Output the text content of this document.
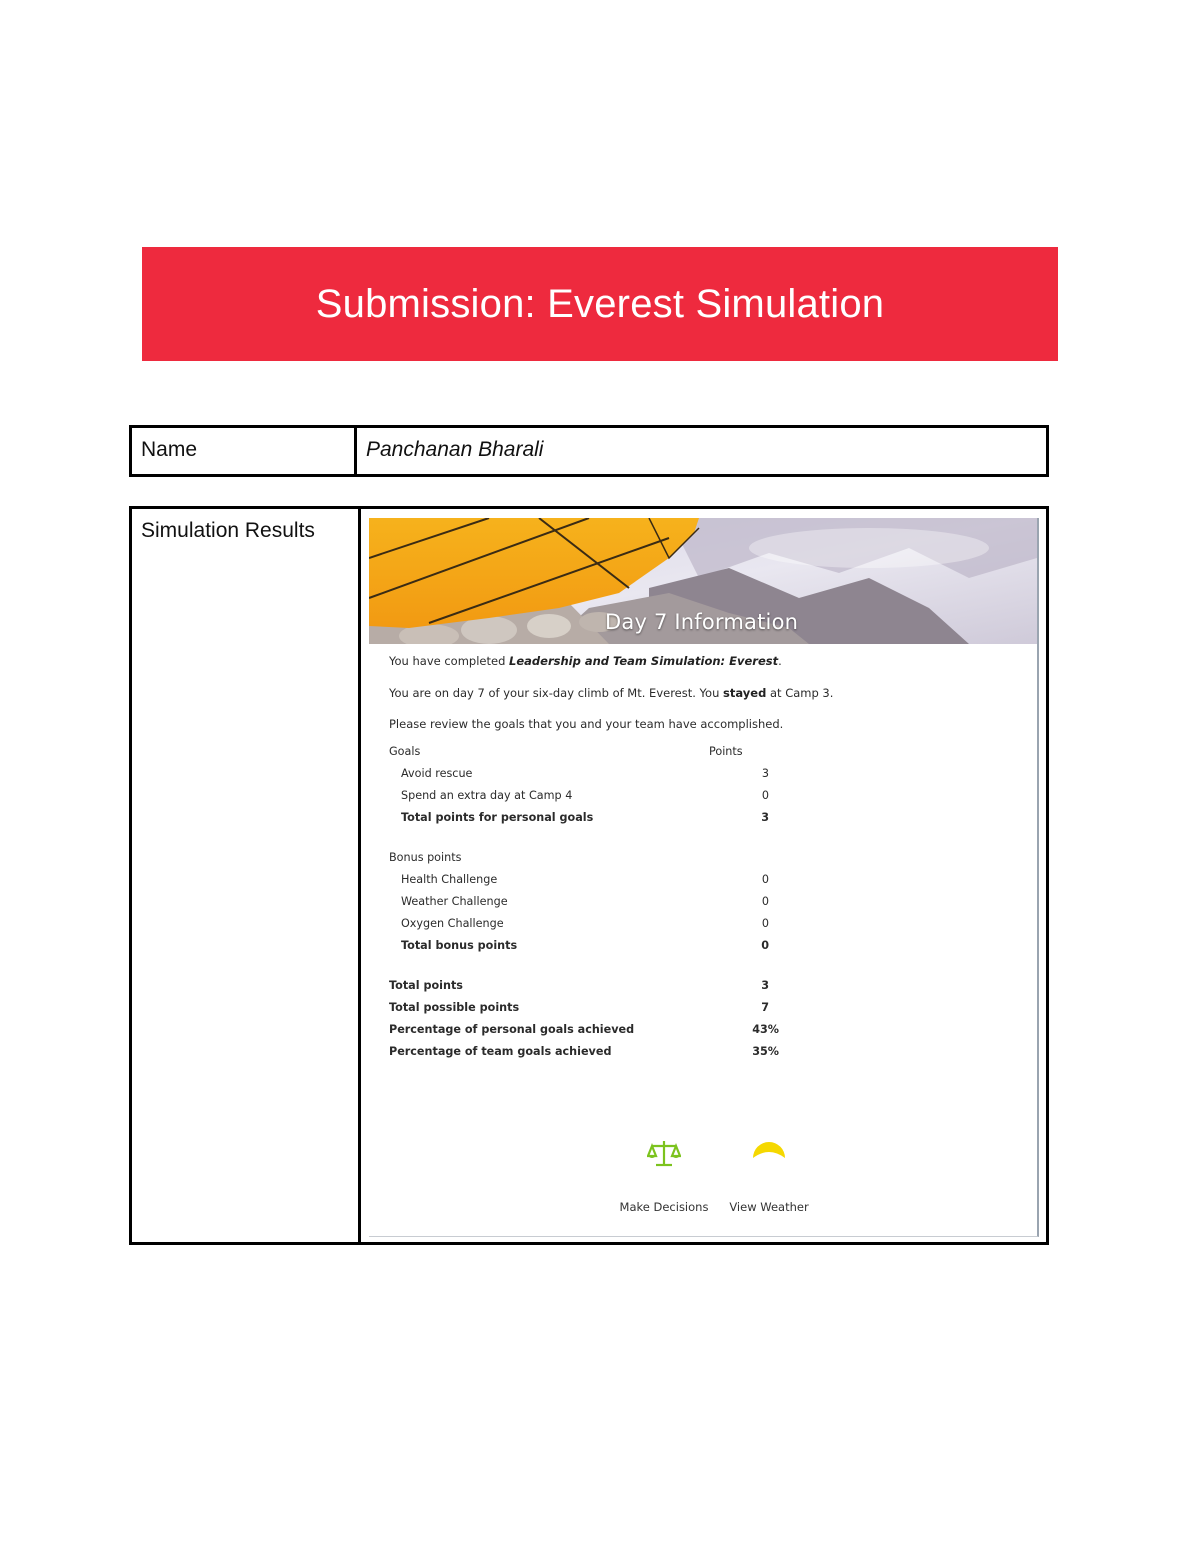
Submission: Everest Simulation
Name	Panchanan Bharali
Simulation Results
Day 7 Information
You have completed Leadership and Team Simulation: Everest.
You are on day 7 of your six-day climb of Mt. Everest. You stayed at Camp 3.
Please review the goals that you and your team have accomplished.
Goals	Points
Avoid rescue	3
Spend an extra day at Camp 4	0
Total points for personal goals	3
Bonus points
Health Challenge	0
Weather Challenge	0
Oxygen Challenge	0
Total bonus points	0
Total points	3
Total possible points	7
Percentage of personal goals achieved	43%
Percentage of team goals achieved	35%
Make Decisions	View Weather
